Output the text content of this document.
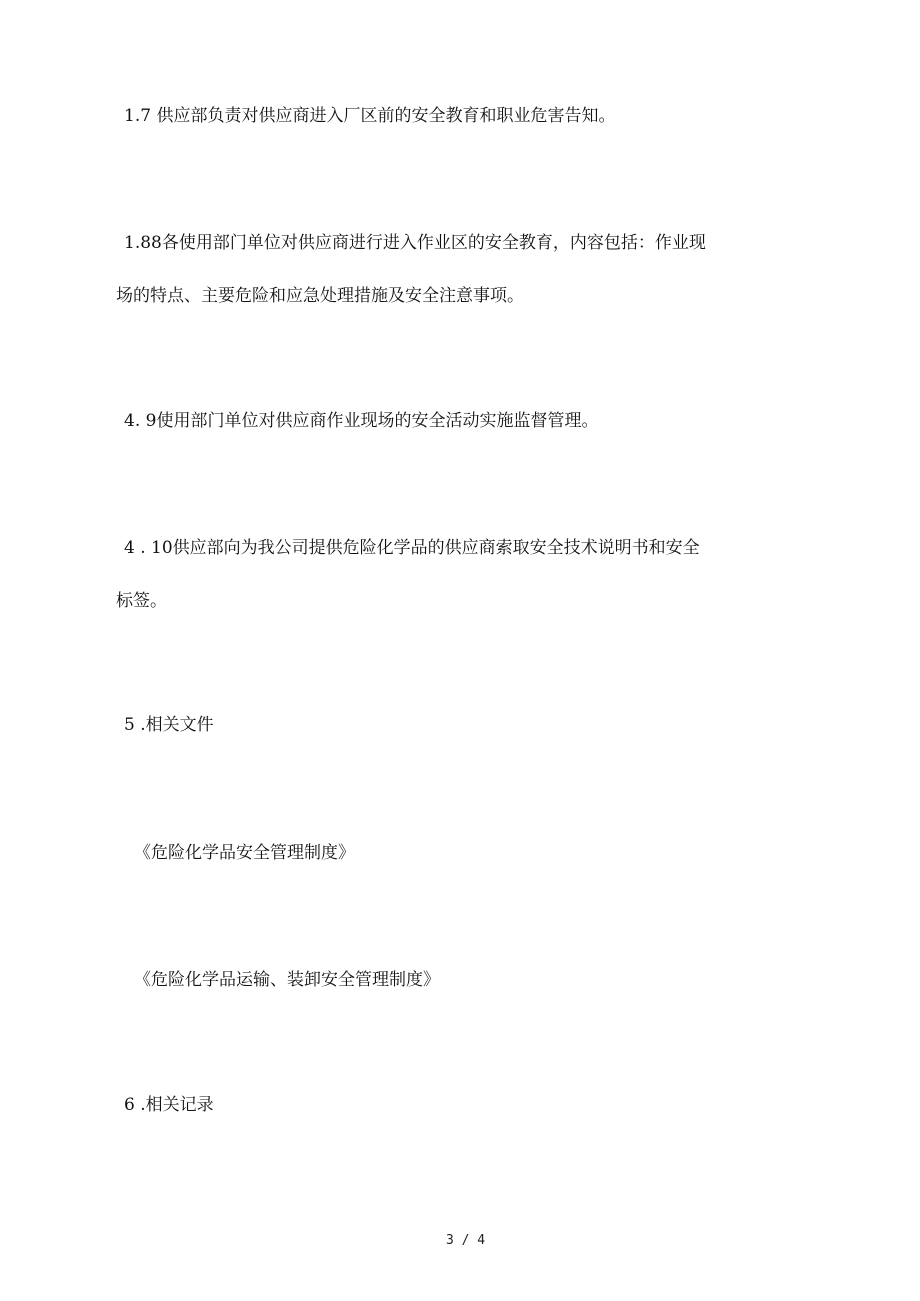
1.7 供应部负责对供应商进入厂区前的安全教育和职业危害告知。

1.88各使用部门单位对供应商进行进入作业区的安全教育，内容包括：作业现
场的特点、主要危险和应急处理措施及安全注意事项。

4. 9使用部门单位对供应商作业现场的安全活动实施监督管理。

4 . 10供应部向为我公司提供危险化学品的供应商索取安全技术说明书和安全
标签。

5 .相关文件

《危险化学品安全管理制度》

《危险化学品运输、装卸安全管理制度》

6 .相关记录

3 / 4
